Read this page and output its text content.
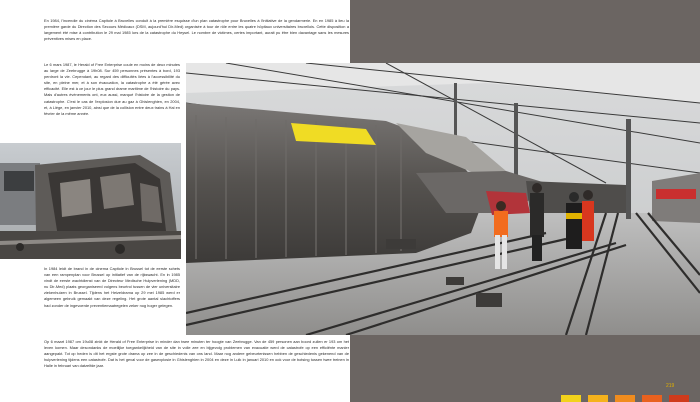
En 1984, l'incendie du cinéma Capitole à Bruxelles conduit à la première esquisse d'un plan catastrophe pour Bruxelles à l'initiative de la gendarmerie. En en 1985 à lieu la première garde du Direction des Secours Médicaux (DSM, aujourd'hui Dir-Med) organisée à tour de rôle entre les quatre hôpitaux universitaires bruxellois. Cette disposition a largement été mise à contribution le 29 mai 1985 lors de la catastrophe du Heysel. Le nombre de victimes, certes important, aurait pu être bien davantage sans les mesures préventives mises en place.

Le 6 mars 1987, le Herald of Free Enterprise coule en moins de deux minutes au large de Zeebrugge à 19h08. Sur 459 personnes présentes à bord, 193 perdront la vie. Cependant, au regard des difficultés liées à l'accessibilité du site, en pleine mer, et à son évacuation, la catastrophe a été gérée avec efficacité. Elle est à ce jour le plus grand drame maritime de l'histoire du pays. Mais d'autres événements ont, eux aussi, marqué l'histoire de la gestion de catastrophe. C'est le cas de l'explosion due au gaz à Ghislenghien, en 2004, et, à Liège, en janvier 2010, ainsi que de la collision entre deux trains à Hal en février de la même année.

In 1984 leidt de brand in de cinema Capitole in Brussel tot de eerste schets van een rampenplan voor Brussel op initiatief van de rijkswacht. En in 1985 vindt de eerste wachtdienst van de Directeur Medische Hulpverlening (MDD, nu Dir-Med) plaats georganiseerd volgens beurtrol tussen de vier universitaire ziekenhuizen in Brussel. Tijdens het Heizeldrama op 29 mei 1985 werd er algemeen gebruik gemaakt van deze regeling. Het grote aantal slachtoffers had zonder de ingevoerde preventiemaatregelen zeker nog hoger gelegen.

Op 6 maart 1987 om 19u08 zinkt de Herald of Free Enterprise in minder dan twee minuten ter hoogte van Zeebrugge. Van de 459 personen aan boord zullen er 193 om het leven komen. Maar desondanks de moeilijke toegankelijkheid van de site in volle zee en bijgevolg problemen van evacuatie werd de catastrofe op een efficiënte manier aangepakt. Tot op heden is dit het ergste grote drama op zee in de geschiedenis van ons land. Maar nog andere gebeurtenissen hebben de geschiedenis gekenend van de hulpverlening tijdens een catastrofe. Dat is het geval voor de gasexplosie in Ghislenghien in 2004 en deze in Luik in januari 2010 en ook voor de botsing tussen twee treinen in Halle in februari van datzelfde jaar.

219
